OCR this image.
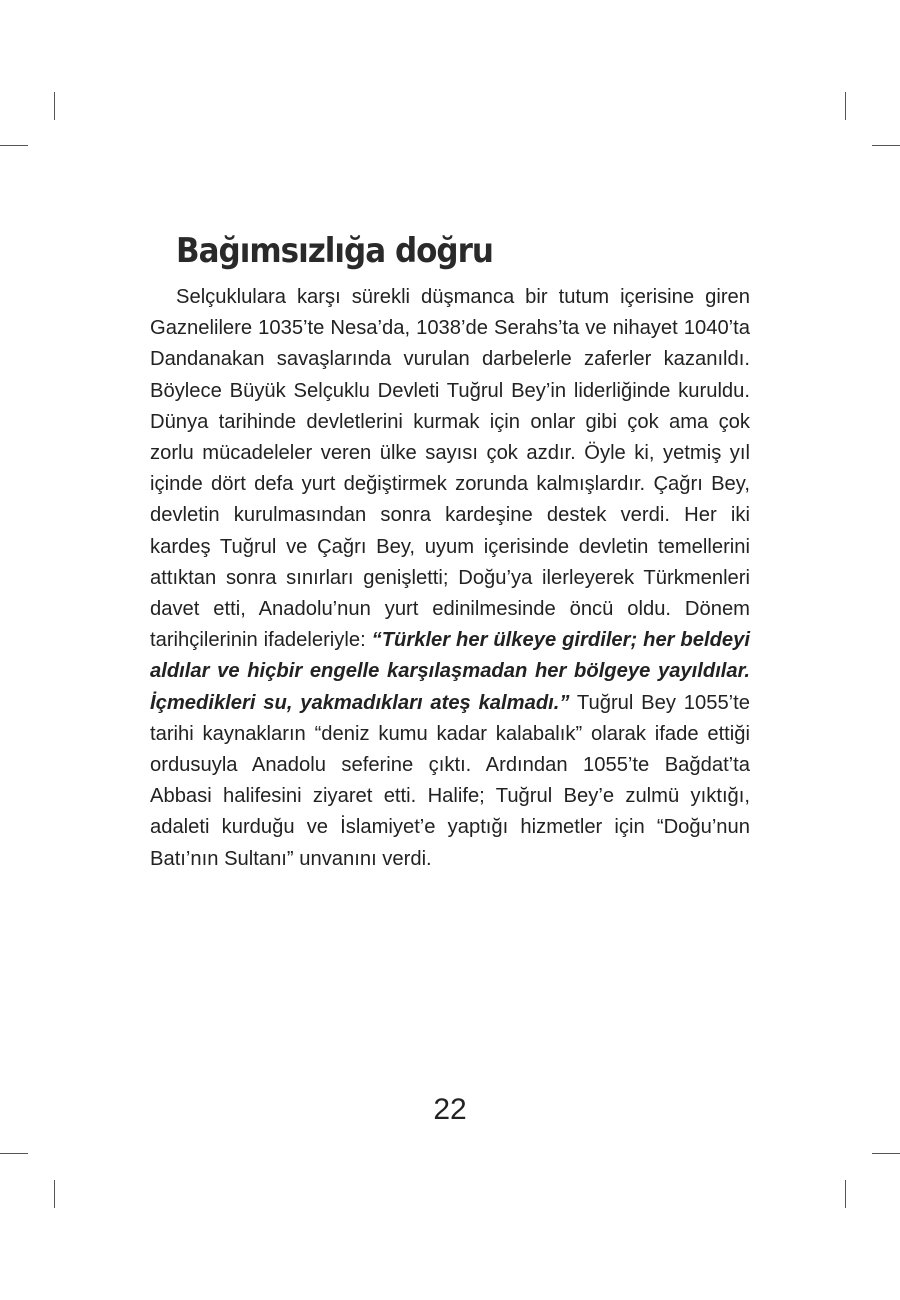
Bağımsızlığa doğru

Selçuklulara karşı sürekli düşmanca bir tutum içerisine giren Gaznelilere 1035’te Nesa’da, 1038’de Serahs’ta ve nihayet 1040’ta Dandanakan savaşlarında vurulan darbelerle zaferler kazanıldı. Böylece Büyük Selçuklu Devleti Tuğrul Bey’in liderliğinde kuruldu. Dünya tarihinde devletlerini kurmak için onlar gibi çok ama çok zorlu mücadeleler veren ülke sayısı çok azdır. Öyle ki, yetmiş yıl içinde dört defa yurt değiştirmek zorunda kalmışlardır. Çağrı Bey, devletin kurulmasından sonra kardeşine destek verdi. Her iki kardeş Tuğrul ve Çağrı Bey, uyum içerisinde devletin temellerini attıktan sonra sınırları genişletti; Doğu’ya ilerleyerek Türkmenleri davet etti, Anadolu’nun yurt edinilmesinde öncü oldu. Dönem tarihçilerinin ifadeleriyle: “Türkler her ülkeye girdiler; her beldeyi aldılar ve hiçbir engelle karşılaşmadan her bölgeye yayıldılar. İçmedikleri su, yakmadıkları ateş kalmadı.” Tuğrul Bey 1055’te tarihi kaynakların “deniz kumu kadar kalabalık” olarak ifade ettiği ordusuyla Anadolu seferine çıktı. Ardından 1055’te Bağdat’ta Abbasi halifesini ziyaret etti. Halife; Tuğrul Bey’e zulmü yıktığı, adaleti kurduğu ve İslamiyet’e yaptığı hizmetler için “Doğu’nun Batı’nın Sultanı” unvanını verdi.

22
